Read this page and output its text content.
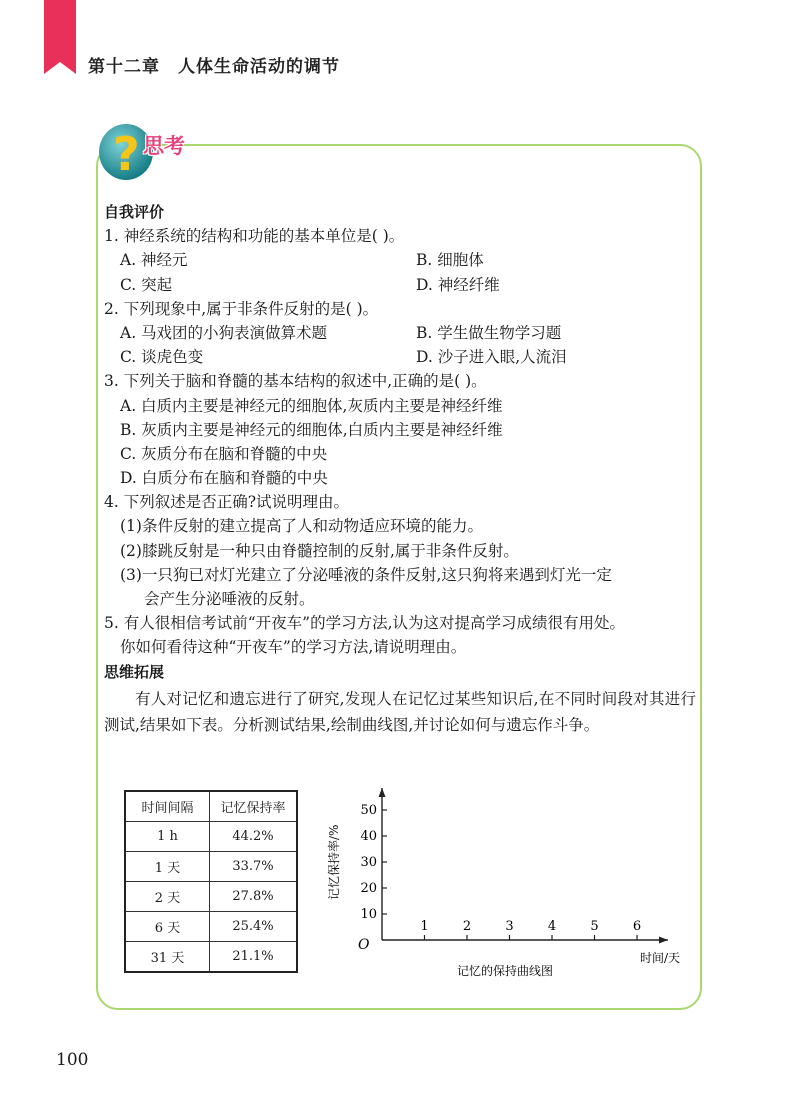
第十二章 人体生命活动的调节
? 思考
自我评价
1. 神经系统的结构和功能的基本单位是( )。
A. 神经元	B. 细胞体
C. 突起	D. 神经纤维
2. 下列现象中,属于非条件反射的是( )。
A. 马戏团的小狗表演做算术题	B. 学生做生物学习题
C. 谈虎色变	D. 沙子进入眼,人流泪
3. 下列关于脑和脊髓的基本结构的叙述中,正确的是( )。
A. 白质内主要是神经元的细胞体,灰质内主要是神经纤维
B. 灰质内主要是神经元的细胞体,白质内主要是神经纤维
C. 灰质分布在脑和脊髓的中央
D. 白质分布在脑和脊髓的中央
4. 下列叙述是否正确?试说明理由。
(1)条件反射的建立提高了人和动物适应环境的能力。
(2)膝跳反射是一种只由脊髓控制的反射,属于非条件反射。
(3)一只狗已对灯光建立了分泌唾液的条件反射,这只狗将来遇到灯光一定
会产生分泌唾液的反射。
5. 有人很相信考试前“开夜车”的学习方法,认为这对提高学习成绩很有用处。
你如何看待这种“开夜车”的学习方法,请说明理由。
思维拓展
有人对记忆和遗忘进行了研究,发现人在记忆过某些知识后,在不同时间段对其进行测试,结果如下表。分析测试结果,绘制曲线图,并讨论如何与遗忘作斗争。
时间间隔	记忆保持率
1 h	44.2%
1 天	33.7%
2 天	27.8%
6 天	25.4%
31 天	21.1%
O
1	2	3	4	5	6
10
20
30
40
50
时间/天
记忆保持率/%
记忆的保持曲线图
100
